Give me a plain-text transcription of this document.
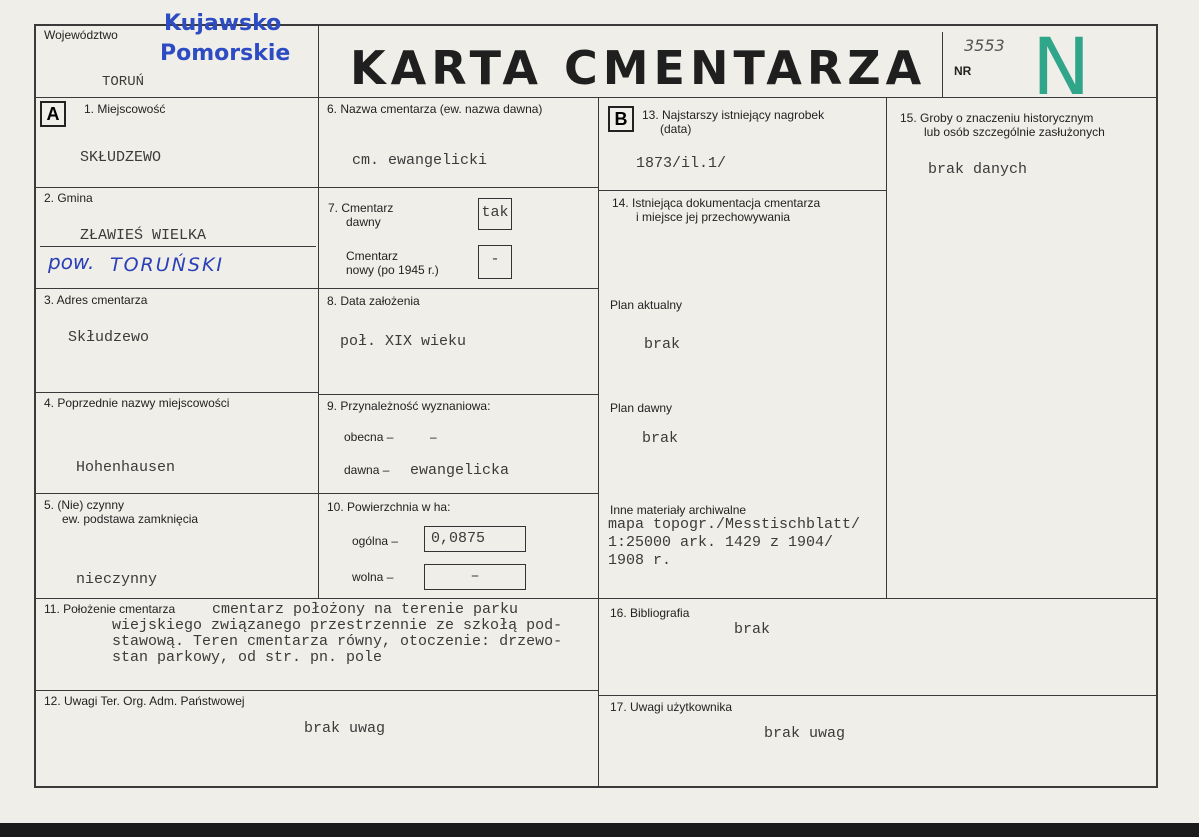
Województwo Kujawsko
Pomorskie
TORUŃ	KARTA CMENTARZA NR
3553 N
A	1. Miejscowość
SKŁUDZEWO
2. Gmina
ZŁAWIEŚ WIELKA
pow. TORUŃSKI
3. Adres cmentarza
Skłudzewo
4. Poprzednie nazwy miejscowości
Hohenhausen
5. (Nie) czynny
ew. podstawa zamknięcia
nieczynny
6. Nazwa cmentarza (ew. nazwa dawna)
cm. ewangelicki
7. Cmentarz
dawny
tak
Cmentarz
nowy (po 1945 r.)
-
8. Data założenia
poł. XIX wieku
9. Przynależność wyznaniowa:
obecna –	–
dawna – ewangelicka
10. Powierzchnia w ha:
ogólna –	0,0875
wolna –	–
B	13. Najstarszy istniejący nagrobek
(data)
1873/il.1/
14. Istniejąca dokumentacja cmentarza
i miejsce jej przechowywania
Plan aktualny
brak
Plan dawny
brak
Inne materiały archiwalne
mapa topogr./Messtischblatt/
1:25000 ark. 1429 z 1904/
1908 r.
15. Groby o znaczeniu historycznym
lub osób szczególnie zasłużonych
brak danych
11. Położenie cmentarza cmentarz położony na terenie parku
wiejskiego związanego przestrzennie ze szkołą pod-
stawową. Teren cmentarza równy, otoczenie: drzewo-
stan parkowy, od str. pn. pole
16. Bibliografia
brak
12. Uwagi Ter. Org. Adm. Państwowej
brak uwag
17. Uwagi użytkownika
brak uwag
